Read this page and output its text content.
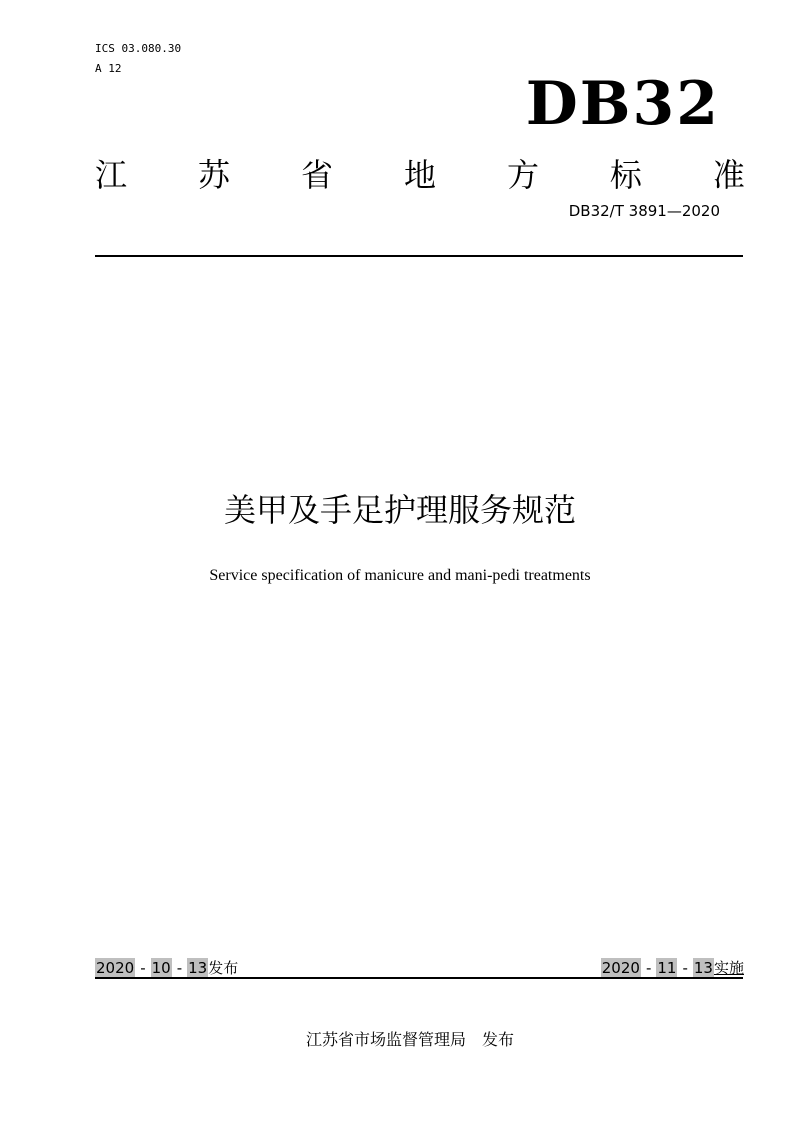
ICS 03.080.30
A 12
DB32
江 苏 省 地 方 标 准
DB32/T 3891—2020
美甲及手足护理服务规范
Service specification of manicure and mani-pedi treatments
2020 - 10 - 13 发布	2020 - 11 - 13 实施
江苏省市场监督管理局 发布
